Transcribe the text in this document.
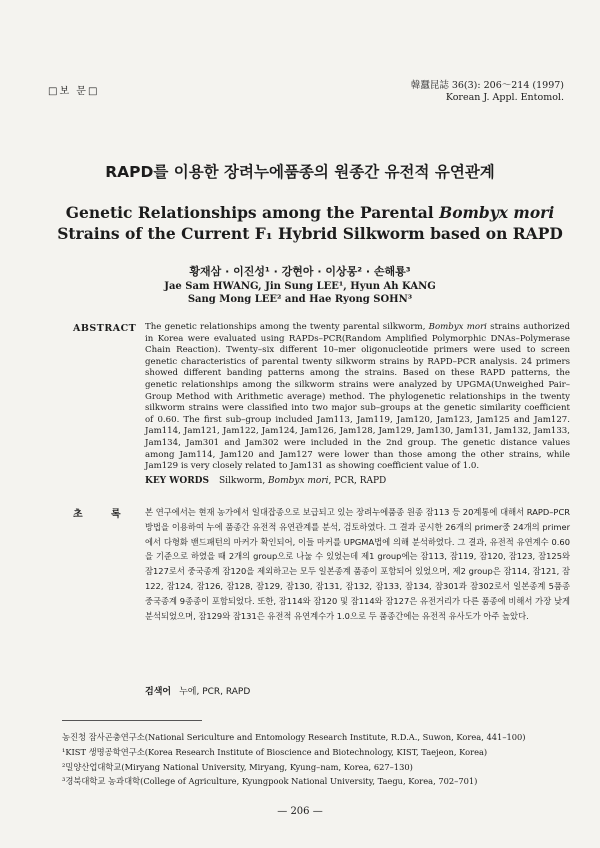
□보 문□
韓蠶昆誌 36(3): 206～214 (1997)
Korean J. Appl. Entomol.
RAPD를 이용한 장려누에품종의 원종간 유전적 유연관계
Genetic Relationships among the Parental Bombyx mori Strains of the Current F₁ Hybrid Silkworm based on RAPD
황재삼 · 이진성¹ · 강현아 · 이상몽² · 손해룡³
Jae Sam HWANG, Jin Sung LEE¹, Hyun Ah KANG
Sang Mong LEE² and Hae Ryong SOHN³
ABSTRACT The genetic relationships among the twenty parental silkworm, Bombyx mori strains authorized in Korea were evaluated using RAPDs–PCR(Random Amplified Polymorphic DNAs–Polymerase Chain Reaction). Twenty–six different 10–mer oligonucleotide primers were used to screen genetic characteristics of parental twenty silkworm strains by RAPD–PCR analysis. 24 primers showed different banding patterns among the strains. Based on these RAPD patterns, the genetic relationships among the silkworm strains were analyzed by UPGMA(Unweighed Pair–Group Method with Arithmetic average) method. The phylogenetic relationships in the twenty silkworm strains were classified into two major sub–groups at the genetic similarity coefficient of 0.60. The first sub–group included Jam113, Jam119, Jam120, Jam123, Jam125 and Jam127. Jam114, Jam121, Jam122, Jam124, Jam126, Jam128, Jam129, Jam130, Jam131, Jam132, Jam133, Jam134, Jam301 and Jam302 were included in the 2nd group. The genetic distance values among Jam114, Jam120 and Jam127 were lower than those among the other strains, while Jam129 is very closely related to Jam131 as showing coefficient value of 1.0.
KEY WORDS Silkworm, Bombyx mori, PCR, RAPD
초	록	본 연구에서는 현재 농가에서 일대잡종으로 보급되고 있는 장려누에품종 원종 잠113 등 20계통에 대해서 RAPD–PCR방법을 이용하여 누에 품종간 유전적 유연관계를 분석, 검토하였다. 그 결과 공시한 26개의 primer중 24개의 primer에서 다형화 밴드패턴의 마커가 확인되어, 이들 마커를 UPGMA법에 의해 분석하였다. 그 결과, 유전적 유연계수 0.60을 기준으로 하였을 때 2개의 group으로 나눌 수 있었는데 제1 group에는 잠113, 잠119, 잠120, 잠123, 잠125와 잠127로서 중국종계 잠120을 제외하고는 모두 일본종계 품종이 포함되어 있었으며, 제2 group은 잠114, 잠121, 잠122, 잠124, 잠126, 잠128, 잠129, 잠130, 잠131, 잠132, 잠133, 잠134, 잠301과 잠302로서 일본종계 5품종 중국종계 9종종이 포함되었다. 또한, 잠114와 잠120 및 잠114와 잠127은 유전거리가 다른 품종에 비해서 가장 낮게 분석되었으며, 잠129와 잠131은 유전적 유연계수가 1.0으로 두 품종간에는 유전적 유사도가 아주 높았다.
검색어 누에, PCR, RAPD
농진청 잠사곤충연구소(National Sericulture and Entomology Research Institute, R.D.A., Suwon, Korea, 441–100)
¹KIST 생명공학연구소(Korea Research Institute of Bioscience and Biotechnology, KIST, Taejeon, Korea)
²밀양산업대학교(Miryang National University, Miryang, Kyung–nam, Korea, 627–130)
³경북대학교 농과대학(College of Agriculture, Kyungpook National University, Taegu, Korea, 702–701)
— 206 —
